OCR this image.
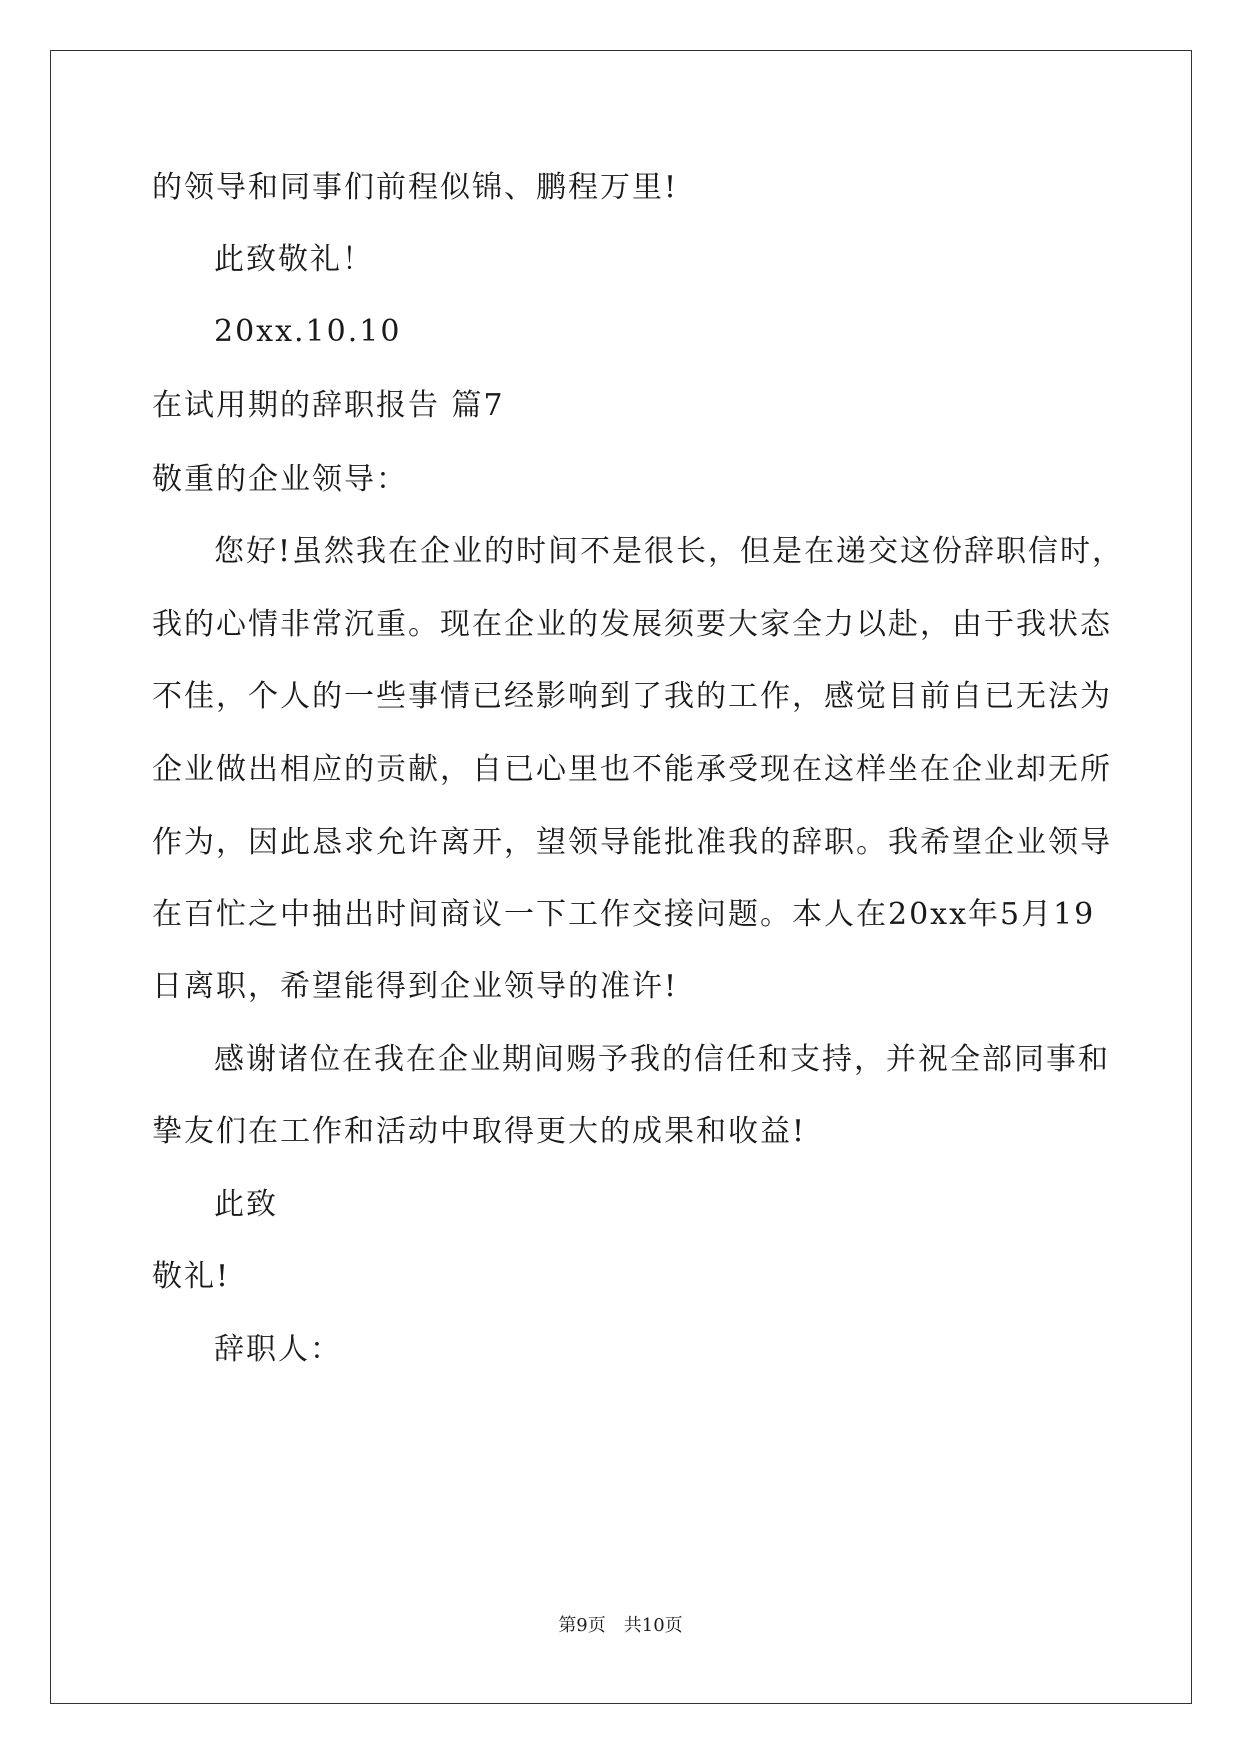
的领导和同事们前程似锦、鹏程万里!
此致敬礼！
20xx.10.10
在试用期的辞职报告 篇7
敬重的企业领导：
您好!虽然我在企业的时间不是很长，但是在递交这份辞职信时，
我的心情非常沉重。现在企业的发展须要大家全力以赴，由于我状态
不佳，个人的一些事情已经影响到了我的工作，感觉目前自已无法为
企业做出相应的贡献，自已心里也不能承受现在这样坐在企业却无所
作为，因此恳求允许离开，望领导能批准我的辞职。我希望企业领导
在百忙之中抽出时间商议一下工作交接问题。本人在20xx年5月19
日离职，希望能得到企业领导的准许!
感谢诸位在我在企业期间赐予我的信任和支持，并祝全部同事和
挚友们在工作和活动中取得更大的成果和收益!
此致
敬礼!
辞职人：
第9页　共10页
